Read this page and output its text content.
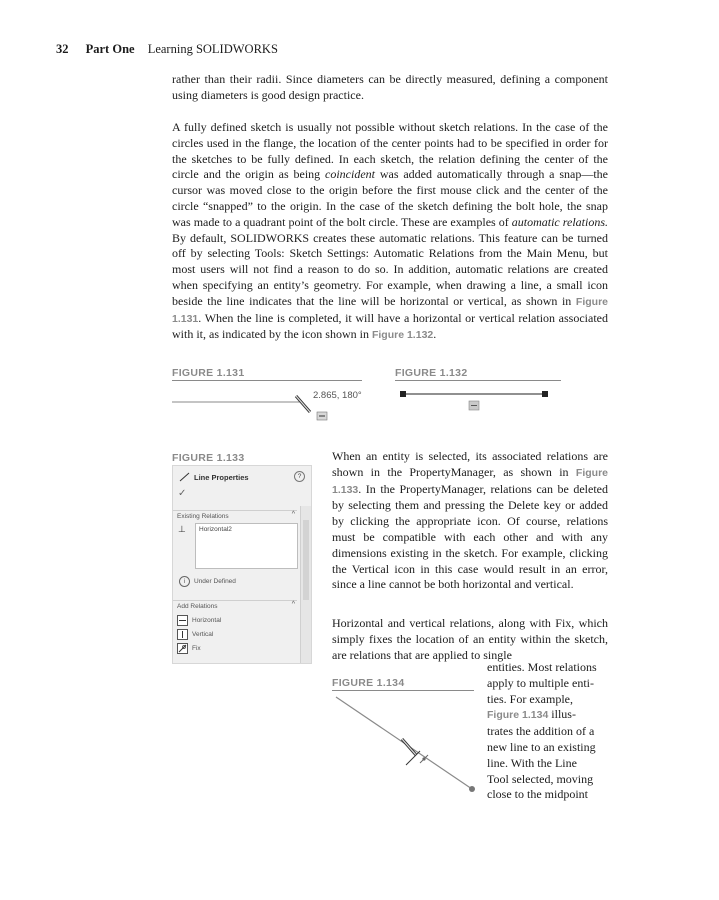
32 Part One Learning SOLIDWORKS

rather than their radii. Since diameters can be directly measured, defining a component using diameters is good design practice.

A fully defined sketch is usually not possible without sketch relations. In the case of the circles used in the flange, the location of the center points had to be specified in order for the sketches to be fully defined. In each sketch, the relation defining the center of the circle and the origin as being coincident was added automatically through a snap—the cursor was moved close to the origin before the first mouse click and the center of the circle “snapped” to the origin. In the case of the sketch defining the bolt hole, the snap was made to a quadrant point of the bolt circle. These are examples of automatic relations. By default, SOLIDWORKS creates these automatic relations. This feature can be turned off by selecting Tools: Sketch Settings: Automatic Relations from the Main Menu, but most users will not find a reason to do so. In addition, automatic relations are created when specifying an entity’s geometry. For example, when drawing a line, a small icon beside the line indicates that the line will be horizontal or vertical, as shown in Figure 1.131. When the line is completed, it will have a horizontal or vertical relation associated with it, as indicated by the icon shown in Figure 1.132.

FIGURE 1.131
2.865, 180°
FIGURE 1.132
FIGURE 1.133
Line Properties	?
✓
Existing Relations	^
⊥	Horizontal2
i	Under Defined
Add Relations	^
Horizontal
Vertical
Fix

When an entity is selected, its associated relations are shown in the PropertyManager, as shown in Figure 1.133. In the PropertyManager, relations can be deleted by selecting them and pressing the Delete key or added by clicking the appropriate icon. Of course, relations must be compatible with each other and with any dimensions existing in the sketch. For example, clicking the Vertical icon in this case would result in an error, since a line cannot be both horizontal and vertical.

Horizontal and vertical relations, along with Fix, which simply fixes the location of an entity within the sketch, are relations that are applied to single

FIGURE 1.134
entities. Most relations
apply to multiple enti-
ties. For example,
Figure 1.134 illus-
trates the addition of a
new line to an existing
line. With the Line
Tool selected, moving
close to the midpoint
